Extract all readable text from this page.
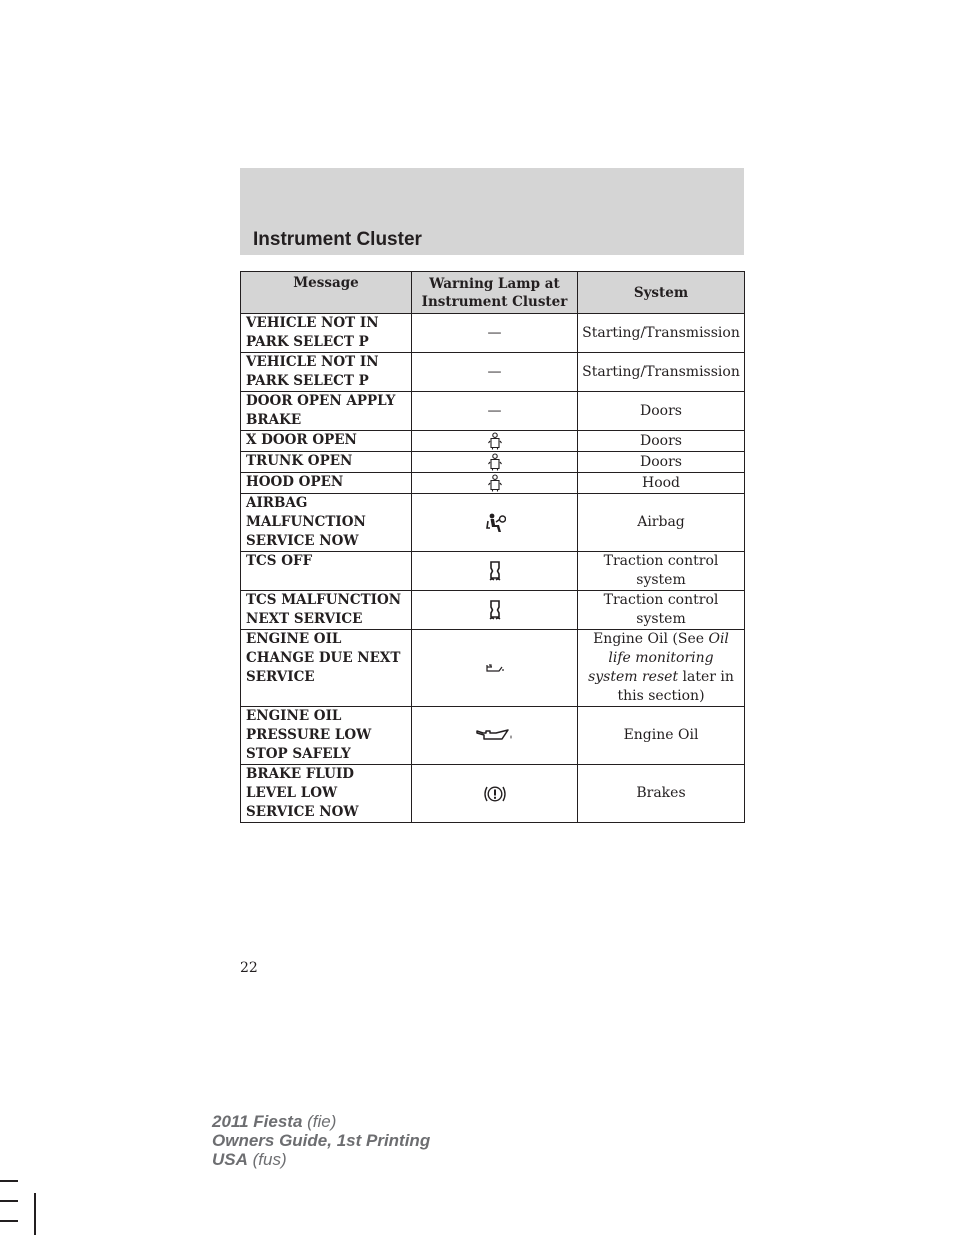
Instrument Cluster
Message	Warning Lamp at Instrument Cluster	System
VEHICLE NOT IN PARK SELECT P	—	Starting/Transmission
VEHICLE NOT IN PARK SELECT P	—	Starting/Transmission
DOOR OPEN APPLY BRAKE	—	Doors
X DOOR OPEN		Doors
TRUNK OPEN		Doors
HOOD OPEN		Hood
AIRBAG MALFUNCTION SERVICE NOW		Airbag
TCS OFF		Traction control system
TCS MALFUNCTION NEXT SERVICE		Traction control system
ENGINE OIL CHANGE DUE NEXT SERVICE		Engine Oil (See Oil life monitoring system reset later in this section)
ENGINE OIL PRESSURE LOW STOP SAFELY		Engine Oil
BRAKE FLUID LEVEL LOW SERVICE NOW		Brakes
22
2011 Fiesta (fie)
Owners Guide, 1st Printing
USA (fus)
